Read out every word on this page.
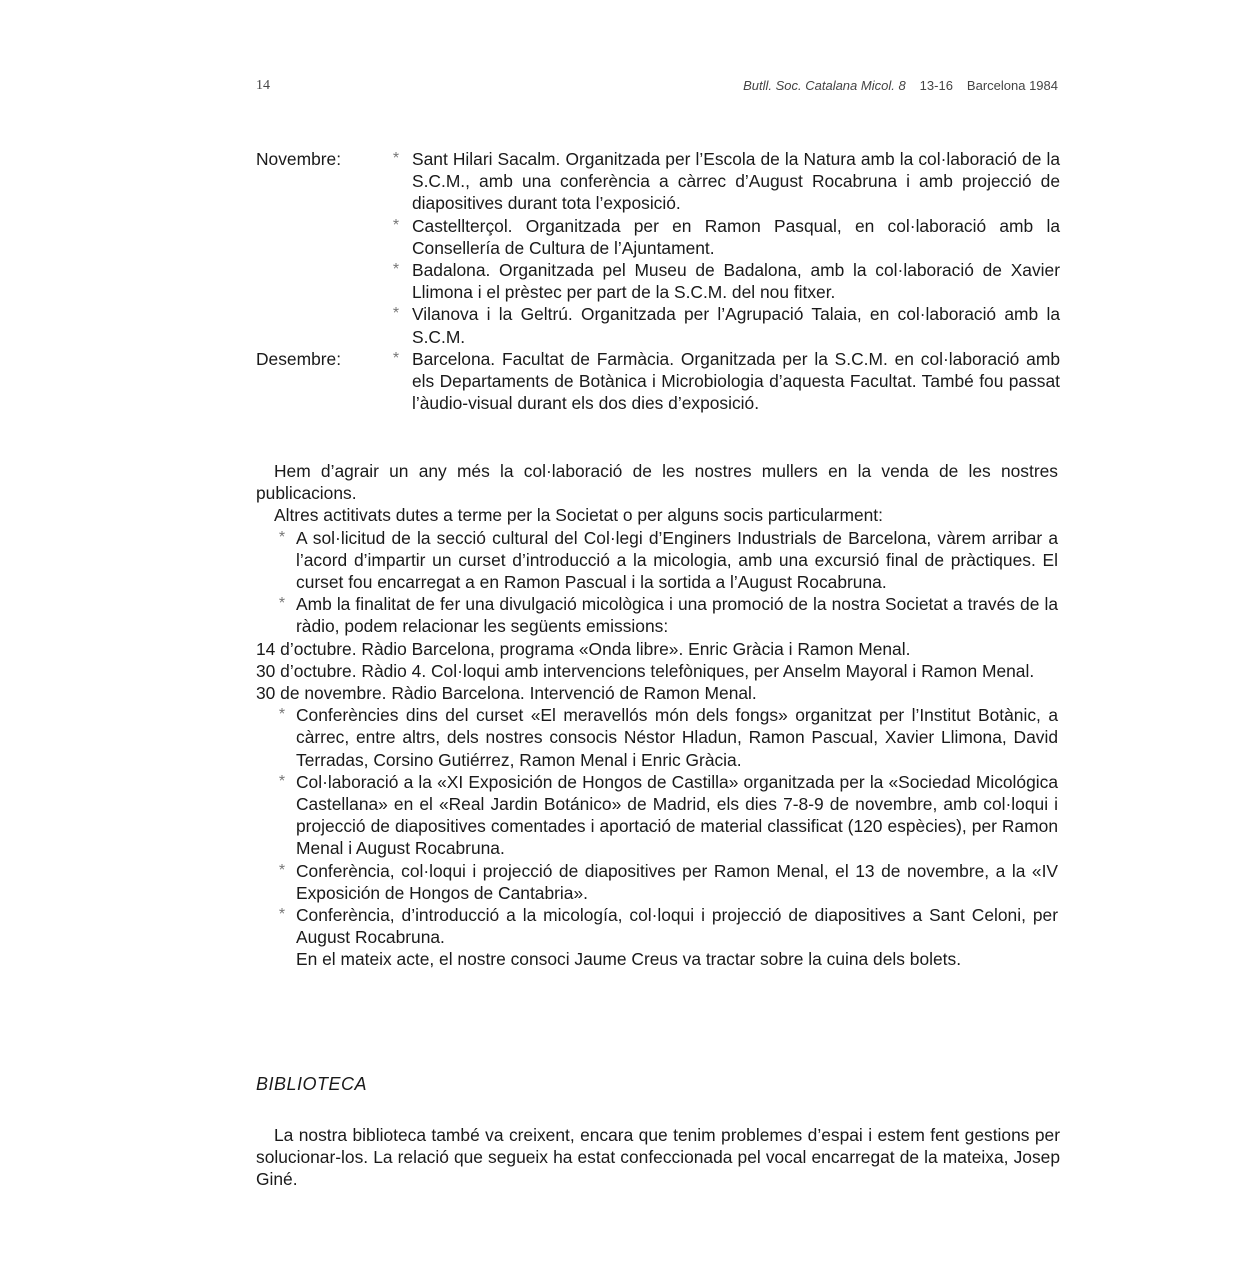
14	Butll. Soc. Catalana Micol. 8 13-16 Barcelona 1984
Novembre:	* Sant Hilari Sacalm. Organitzada per l’Escola de la Natura amb la col·laboració de la S.C.M., amb una conferència a càrrec d’August Rocabruna i amb projecció de diapositives durant tota l’exposició.
* Castellterçol. Organitzada per en Ramon Pasqual, en col·laboració amb la Consellería de Cultura de l’Ajuntament.
* Badalona. Organitzada pel Museu de Badalona, amb la col·laboració de Xavier Llimona i el prèstec per part de la S.C.M. del nou fitxer.
* Vilanova i la Geltrú. Organitzada per l’Agrupació Talaia, en col·laboració amb la S.C.M.
Desembre:	* Barcelona. Facultat de Farmàcia. Organitzada per la S.C.M. en col·laboració amb els Departaments de Botànica i Microbiologia d’aquesta Facultat. També fou passat l’àudio-visual durant els dos dies d’exposició.
Hem d’agrair un any més la col·laboració de les nostres mullers en la venda de les nostres publicacions.
Altres actitivats dutes a terme per la Societat o per alguns socis particularment:
* A sol·licitud de la secció cultural del Col·legi d’Enginers Industrials de Barcelona, vàrem arribar a l’acord d’impartir un curset d’introducció a la micologia, amb una excursió final de pràctiques. El curset fou encarregat a en Ramon Pascual i la sortida a l’August Rocabruna.
* Amb la finalitat de fer una divulgació micològica i una promoció de la nostra Societat a través de la ràdio, podem relacionar les següents emissions:
14 d’octubre. Ràdio Barcelona, programa «Onda libre». Enric Gràcia i Ramon Menal.
30 d’octubre. Ràdio 4. Col·loqui amb intervencions telefòniques, per Anselm Mayoral i Ramon Menal.
30 de novembre. Ràdio Barcelona. Intervenció de Ramon Menal.
* Conferències dins del curset «El meravellós món dels fongs» organitzat per l’Institut Botànic, a càrrec, entre altrs, dels nostres consocis Néstor Hladun, Ramon Pascual, Xavier Llimona, David Terradas, Corsino Gutiérrez, Ramon Menal i Enric Gràcia.
* Col·laboració a la «XI Exposición de Hongos de Castilla» organitzada per la «Sociedad Micológica Castellana» en el «Real Jardin Botánico» de Madrid, els dies 7-8-9 de novembre, amb col·loqui i projecció de diapositives comentades i aportació de material classificat (120 espècies), per Ramon Menal i August Rocabruna.
* Conferència, col·loqui i projecció de diapositives per Ramon Menal, el 13 de novembre, a la «IV Exposición de Hongos de Cantabria».
* Conferència, d’introducció a la micología, col·loqui i projecció de diapositives a Sant Celoni, per August Rocabruna.
En el mateix acte, el nostre consoci Jaume Creus va tractar sobre la cuina dels bolets.
BIBLIOTECA
La nostra biblioteca també va creixent, encara que tenim problemes d’espai i estem fent gestions per solucionar-los. La relació que segueix ha estat confeccionada pel vocal encarregat de la mateixa, Josep Giné.
